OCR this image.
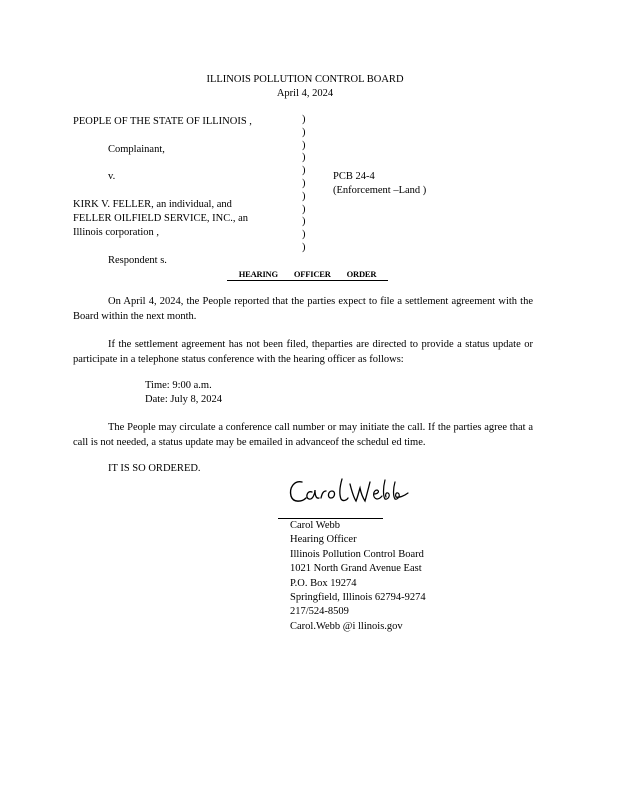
ILLINOIS POLLUTION CONTROL BOARD
April 4, 2024
PEOPLE OF THE STATE OF ILLINOIS ,
Complainant,
v.
KIRK V. FELLER, an individual, and
FELLER OILFIELD SERVICE, INC., an
Illinois corporation ,
Respondent s.
)
)
)
)
)
)
)
)
)
)
)
PCB 24-4
(Enforcement –Land )
HEARING OFFICER ORDER
On April 4, 2024, the People reported that the parties expect to file a settlement agreement with the Board within the next month.
If the settlement agreement has not been filed, theparties are directed to provide a status update or participate in a telephone status conference with the hearing officer as follows:
Time: 9:00 a.m.
Date: July 8, 2024
The People may circulate a conference call number or may initiate the call. If the parties agree that a call is not needed, a status update may be emailed in advanceof the schedul ed time.
IT IS SO ORDERED.
Carol Webb
Hearing Officer
Illinois Pollution Control Board
1021 North Grand Avenue East
P.O. Box 19274
Springfield, Illinois 62794-9274
217/524-8509
Carol.Webb @i llinois.gov
